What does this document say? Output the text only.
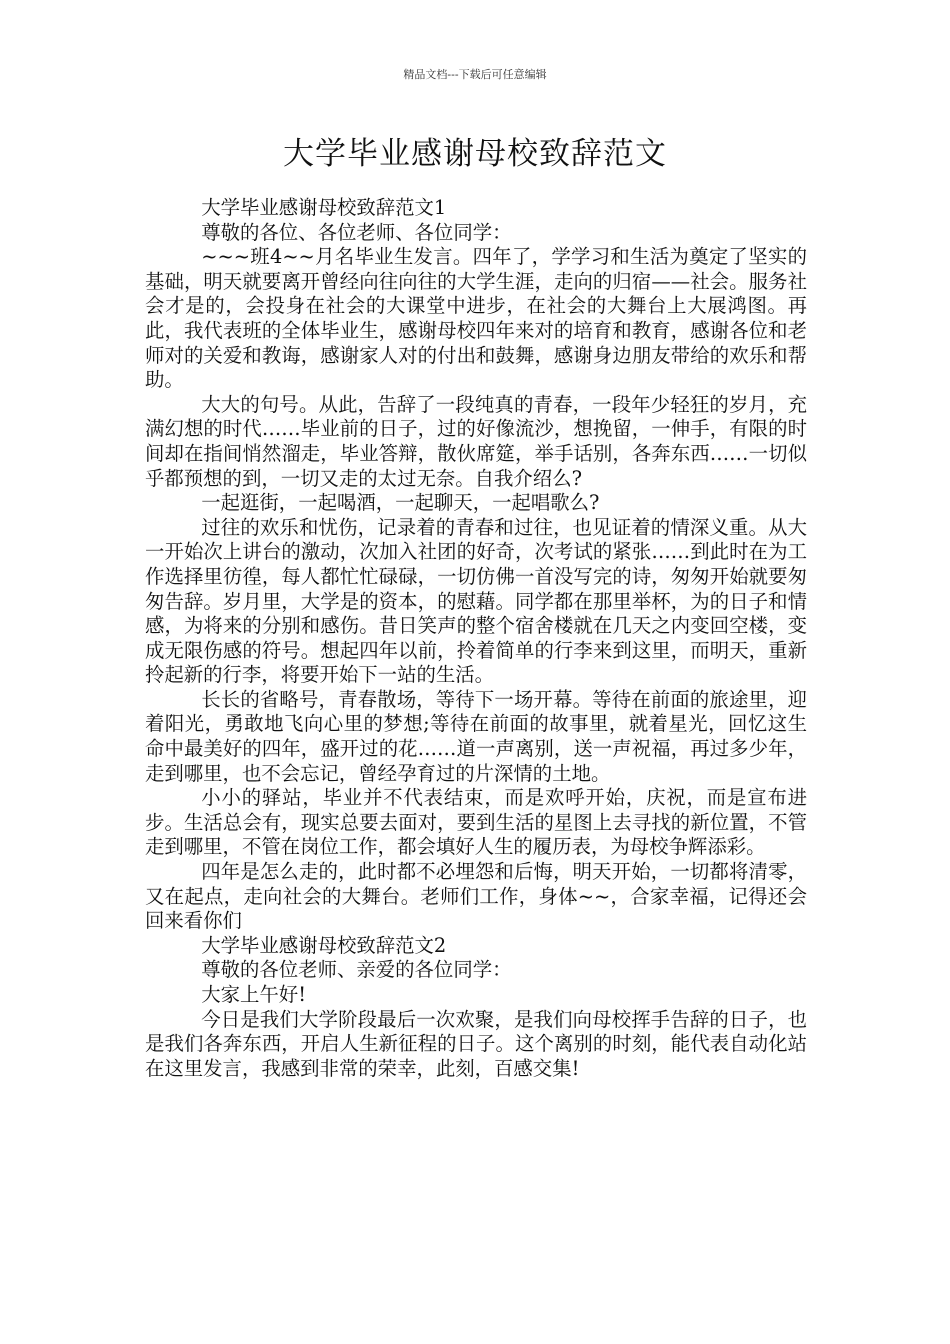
精品文档---下载后可任意编辑
大学毕业感谢母校致辞范文

大学毕业感谢母校致辞范文1

尊敬的各位、各位老师、各位同学：

~~~班4~~月名毕业生发言。四年了，学学习和生活为奠定了坚实的基础，明天就要离开曾经向往向往的大学生涯，走向的归宿——社会。服务社会才是的，会投身在社会的大课堂中进步，在社会的大舞台上大展鸿图。再此，我代表班的全体毕业生，感谢母校四年来对的培育和教育，感谢各位和老师对的关爱和教诲，感谢家人对的付出和鼓舞，感谢身边朋友带给的欢乐和帮助。

大大的句号。从此，告辞了一段纯真的青春，一段年少轻狂的岁月，充满幻想的时代……毕业前的日子，过的好像流沙，想挽留，一伸手，有限的时间却在指间悄然溜走，毕业答辩，散伙席筵，举手话别，各奔东西……一切似乎都预想的到，一切又走的太过无奈。自我介绍么?

一起逛街，一起喝酒，一起聊天，一起唱歌么?

过往的欢乐和忧伤，记录着的青春和过往，也见证着的情深义重。从大一开始次上讲台的激动，次加入社团的好奇，次考试的紧张……到此时在为工作选择里彷徨，每人都忙忙碌碌，一切仿佛一首没写完的诗，匆匆开始就要匆匆告辞。岁月里，大学是的资本，的慰藉。同学都在那里举杯，为的日子和情感，为将来的分别和感伤。昔日笑声的整个宿舍楼就在几天之内变回空楼，变成无限伤感的符号。想起四年以前，拎着简单的行李来到这里，而明天，重新拎起新的行李，将要开始下一站的生活。

长长的省略号，青春散场，等待下一场开幕。等待在前面的旅途里，迎着阳光，勇敢地飞向心里的梦想;等待在前面的故事里，就着星光，回忆这生命中最美好的四年，盛开过的花……道一声离别，送一声祝福，再过多少年，走到哪里，也不会忘记，曾经孕育过的片深情的土地。

小小的驿站，毕业并不代表结束，而是欢呼开始，庆祝，而是宣布进步。生活总会有，现实总要去面对，要到生活的星图上去寻找的新位置，不管走到哪里，不管在岗位工作，都会填好人生的履历表，为母校争辉添彩。

四年是怎么走的，此时都不必埋怨和后悔，明天开始，一切都将清零，又在起点，走向社会的大舞台。老师们工作，身体~~，合家幸福，记得还会回来看你们

大学毕业感谢母校致辞范文2

尊敬的各位老师、亲爱的各位同学：

大家上午好!

今日是我们大学阶段最后一次欢聚，是我们向母校挥手告辞的日子，也是我们各奔东西，开启人生新征程的日子。这个离别的时刻，能代表自动化站在这里发言，我感到非常的荣幸，此刻，百感交集!
